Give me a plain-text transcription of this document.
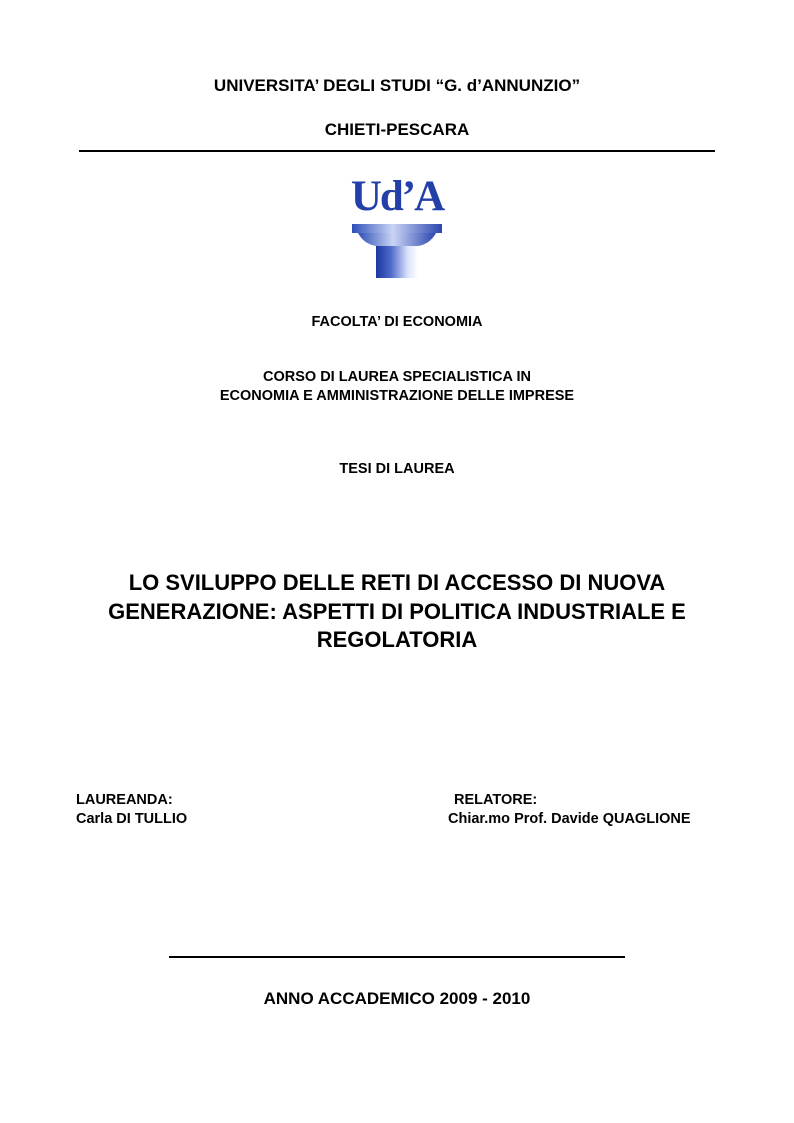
UNIVERSITA’ DEGLI STUDI “G. d’ANNUNZIO”
CHIETI-PESCARA
Ud’A
FACOLTA’ DI ECONOMIA
CORSO DI LAUREA SPECIALISTICA IN
ECONOMIA E AMMINISTRAZIONE DELLE IMPRESE
TESI DI LAUREA
LO SVILUPPO DELLE RETI DI ACCESSO DI NUOVA
GENERAZIONE: ASPETTI DI POLITICA INDUSTRIALE E
REGOLATORIA
LAUREANDA:
Carla DI TULLIO
RELATORE:
Chiar.mo Prof. Davide QUAGLIONE
ANNO ACCADEMICO 2009 - 2010
